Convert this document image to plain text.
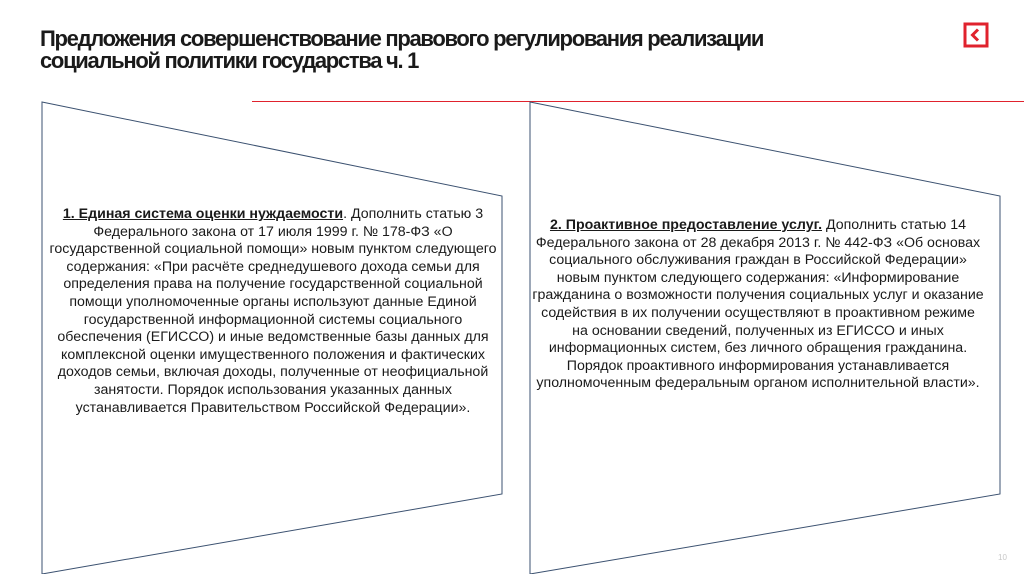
Предложения совершенствование правового регулирования реализации
социальной политики государства ч. 1
1. Единая система оценки нуждаемости. Дополнить статью 3 Федерального закона от 17 июля 1999 г. № 178-ФЗ «О государственной социальной помощи» новым пунктом следующего содержания: «При расчёте среднедушевого дохода семьи для определения права на получение государственной социальной помощи уполномоченные органы используют данные Единой государственной информационной системы социального обеспечения (ЕГИССО) и иные ведомственные базы данных для комплексной оценки имущественного положения и фактических доходов семьи, включая доходы, полученные от неофициальной занятости. Порядок использования указанных данных устанавливается Правительством Российской Федерации».
2. Проактивное предоставление услуг. Дополнить статью 14 Федерального закона от 28 декабря 2013 г. № 442-ФЗ «Об основах социального обслуживания граждан в Российской Федерации» новым пунктом следующего содержания: «Информирование гражданина о возможности получения социальных услуг и оказание содействия в их получении осуществляют в проактивном режиме на основании сведений, полученных из ЕГИССО и иных информационных систем, без личного обращения гражданина. Порядок проактивного информирования устанавливается уполномоченным федеральным органом исполнительной власти».
10
